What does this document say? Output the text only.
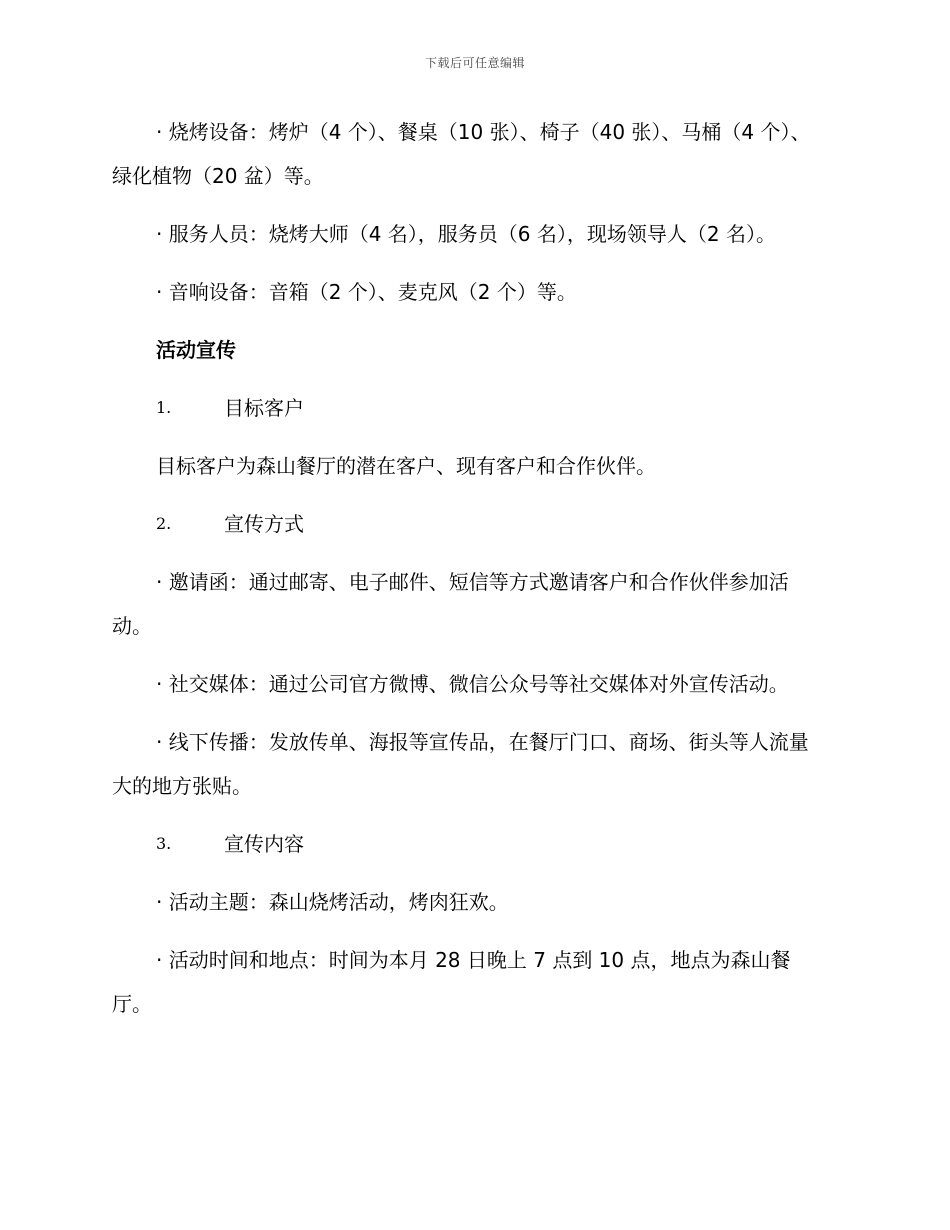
下载后可任意编辑

· 烧烤设备：烤炉（4 个）、餐桌（10 张）、椅子（40 张）、马桶（4 个）、绿化植物（20 盆）等。

· 服务人员：烧烤大师（4 名），服务员（6 名），现场领导人（2 名）。

· 音响设备：音箱（2 个）、麦克风（2 个）等。

活动宣传

1.	目标客户

目标客户为森山餐厅的潜在客户、现有客户和合作伙伴。

2.	宣传方式

· 邀请函：通过邮寄、电子邮件、短信等方式邀请客户和合作伙伴参加活动。

· 社交媒体：通过公司官方微博、微信公众号等社交媒体对外宣传活动。

· 线下传播：发放传单、海报等宣传品，在餐厅门口、商场、街头等人流量大的地方张贴。

3.	宣传内容

· 活动主题：森山烧烤活动，烤肉狂欢。

· 活动时间和地点：时间为本月 28 日晚上 7 点到 10 点，地点为森山餐厅。
